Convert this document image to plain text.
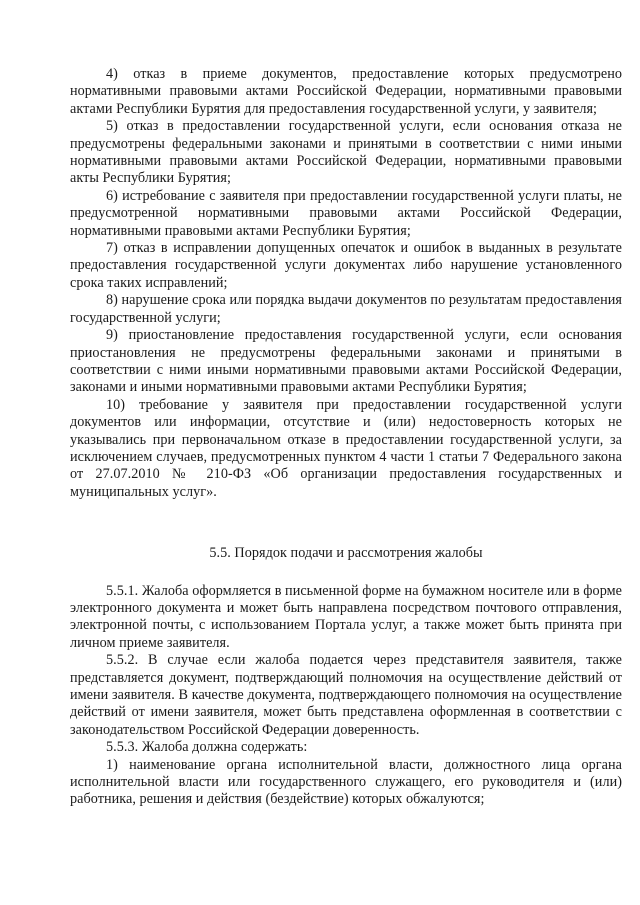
4) отказ в приеме документов, предоставление которых предусмотрено нормативными правовыми актами Российской Федерации, нормативными правовыми актами Республики Бурятия для предоставления государственной услуги, у заявителя;

5) отказ в предоставлении государственной услуги, если основания отказа не предусмотрены федеральными законами и принятыми в соответствии с ними иными нормативными правовыми актами Российской Федерации, нормативными правовыми акты Республики Бурятия;

6) истребование с заявителя при предоставлении государственной услуги платы, не предусмотренной нормативными правовыми актами Российской Федерации, нормативными правовыми актами Республики Бурятия;

7) отказ в исправлении допущенных опечаток и ошибок в выданных в результате предоставления государственной услуги документах либо нарушение установленного срока таких исправлений;

8) нарушение срока или порядка выдачи документов по результатам предоставления государственной услуги;

9) приостановление предоставления государственной услуги, если основания приостановления не предусмотрены федеральными законами и принятыми в соответствии с ними иными нормативными правовыми актами Российской Федерации, законами и иными нормативными правовыми актами Республики Бурятия;

10) требование у заявителя при предоставлении государственной услуги документов или информации, отсутствие и (или) недостоверность которых не указывались при первоначальном отказе в предоставлении государственной услуги, за исключением случаев, предусмотренных пунктом 4 части 1 статьи 7 Федерального закона от 27.07.2010 № 210-ФЗ «Об организации предоставления государственных и муниципальных услуг».

5.5. Порядок подачи и рассмотрения жалобы

5.5.1. Жалоба оформляется в письменной форме на бумажном носителе или в форме электронного документа и может быть направлена посредством почтового отправления, электронной почты, с использованием Портала услуг, а также может быть принята при личном приеме заявителя.

5.5.2. В случае если жалоба подается через представителя заявителя, также представляется документ, подтверждающий полномочия на осуществление действий от имени заявителя. В качестве документа, подтверждающего полномочия на осуществление действий от имени заявителя, может быть представлена оформленная в соответствии с законодательством Российской Федерации доверенность.

5.5.3. Жалоба должна содержать:

1) наименование органа исполнительной власти, должностного лица органа исполнительной власти или государственного служащего, его руководителя и (или) работника, решения и действия (бездействие) которых обжалуются;
